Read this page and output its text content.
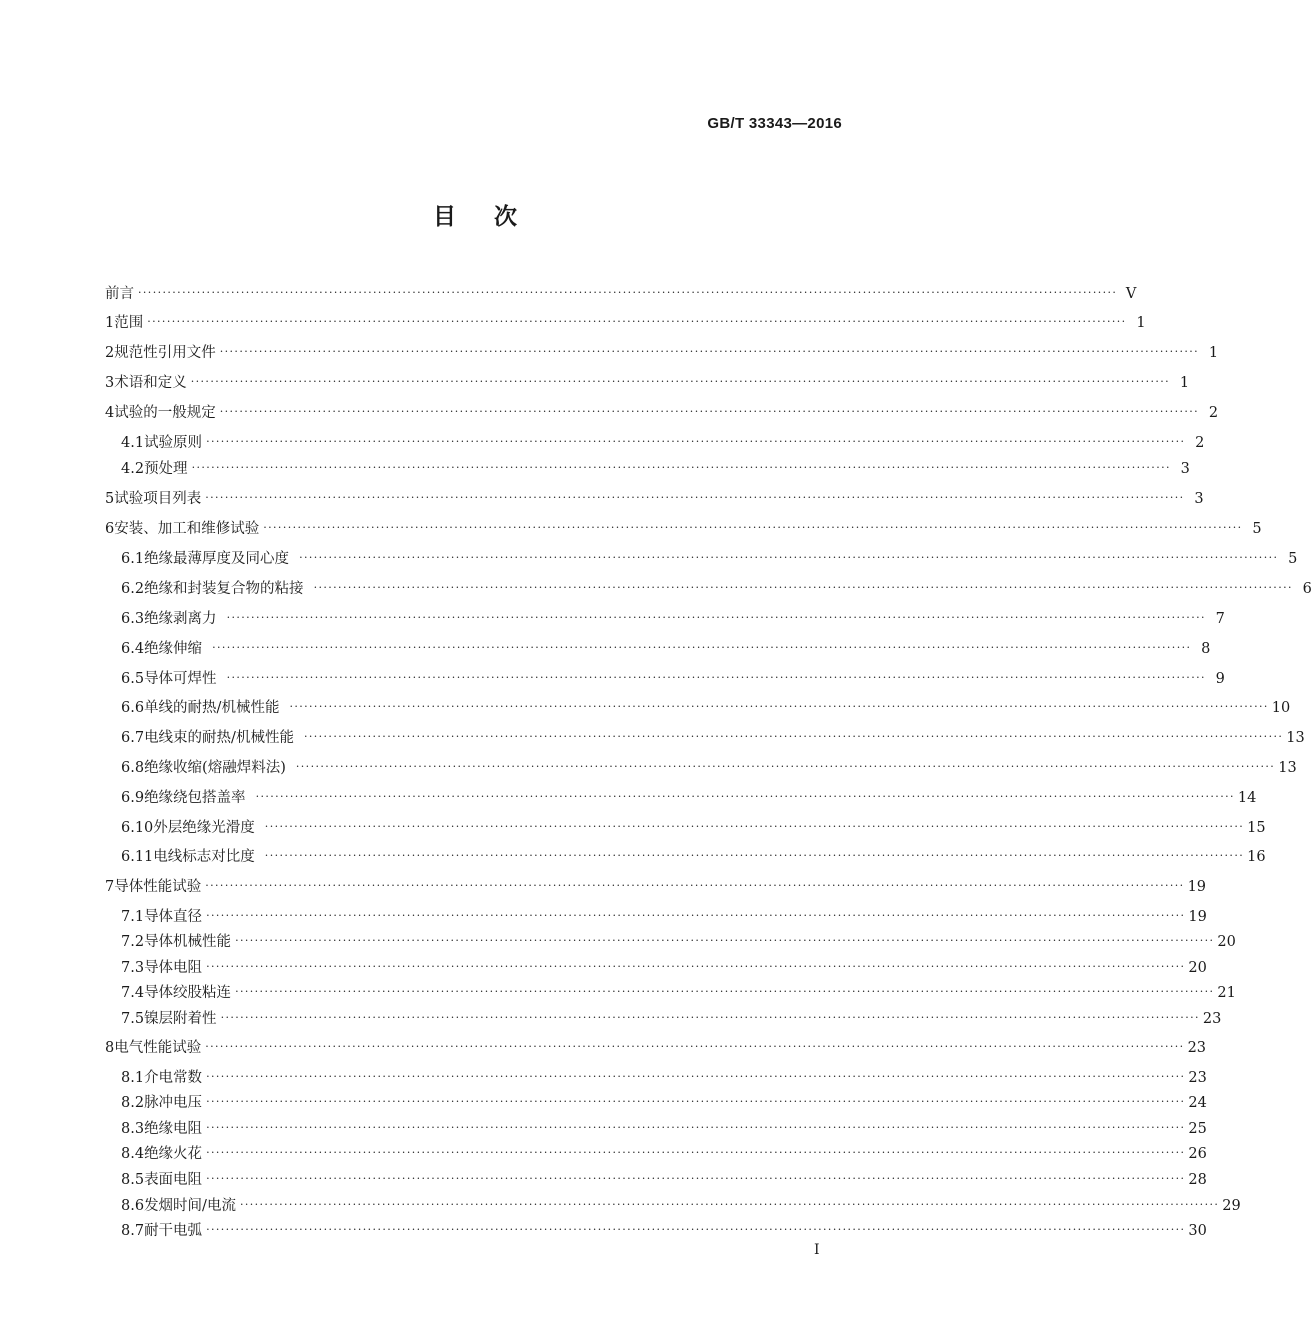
GB/T 33343—2016
目次
前言 ········································································································································································································ V
1 范围 ········································································································································································································ 1
2 规范性引用文件 ········································································································································································································ 1
3 术语和定义 ········································································································································································································ 1
4 试验的一般规定 ········································································································································································································ 2
4.1 试验原则 ········································································································································································································ 2
4.2 预处理 ········································································································································································································ 3
5 试验项目列表 ········································································································································································································ 3
6 安装、加工和维修试验 ········································································································································································································ 5
6.1 绝缘最薄厚度及同心度 ········································································································································································································ 5
6.2 绝缘和封装复合物的粘接 ········································································································································································································ 6
6.3 绝缘剥离力 ········································································································································································································ 7
6.4 绝缘伸缩 ········································································································································································································ 8
6.5 导体可焊性 ········································································································································································································ 9
6.6 单线的耐热/机械性能 ········································································································································································································ 10
6.7 电线束的耐热/机械性能 ········································································································································································································ 13
6.8 绝缘收缩(熔融焊料法) ········································································································································································································ 13
6.9 绝缘绕包搭盖率 ········································································································································································································ 14
6.10 外层绝缘光滑度 ········································································································································································································ 15
6.11 电线标志对比度 ········································································································································································································ 16
7 导体性能试验 ········································································································································································································ 19
7.1 导体直径 ········································································································································································································ 19
7.2 导体机械性能 ········································································································································································································ 20
7.3 导体电阻 ········································································································································································································ 20
7.4 导体绞股粘连 ········································································································································································································ 21
7.5 镍层附着性 ········································································································································································································ 23
8 电气性能试验 ········································································································································································································ 23
8.1 介电常数 ········································································································································································································ 23
8.2 脉冲电压 ········································································································································································································ 24
8.3 绝缘电阻 ········································································································································································································ 25
8.4 绝缘火花 ········································································································································································································ 26
8.5 表面电阻 ········································································································································································································ 28
8.6 发烟时间/电流 ········································································································································································································ 29
8.7 耐干电弧 ········································································································································································································ 30
I
